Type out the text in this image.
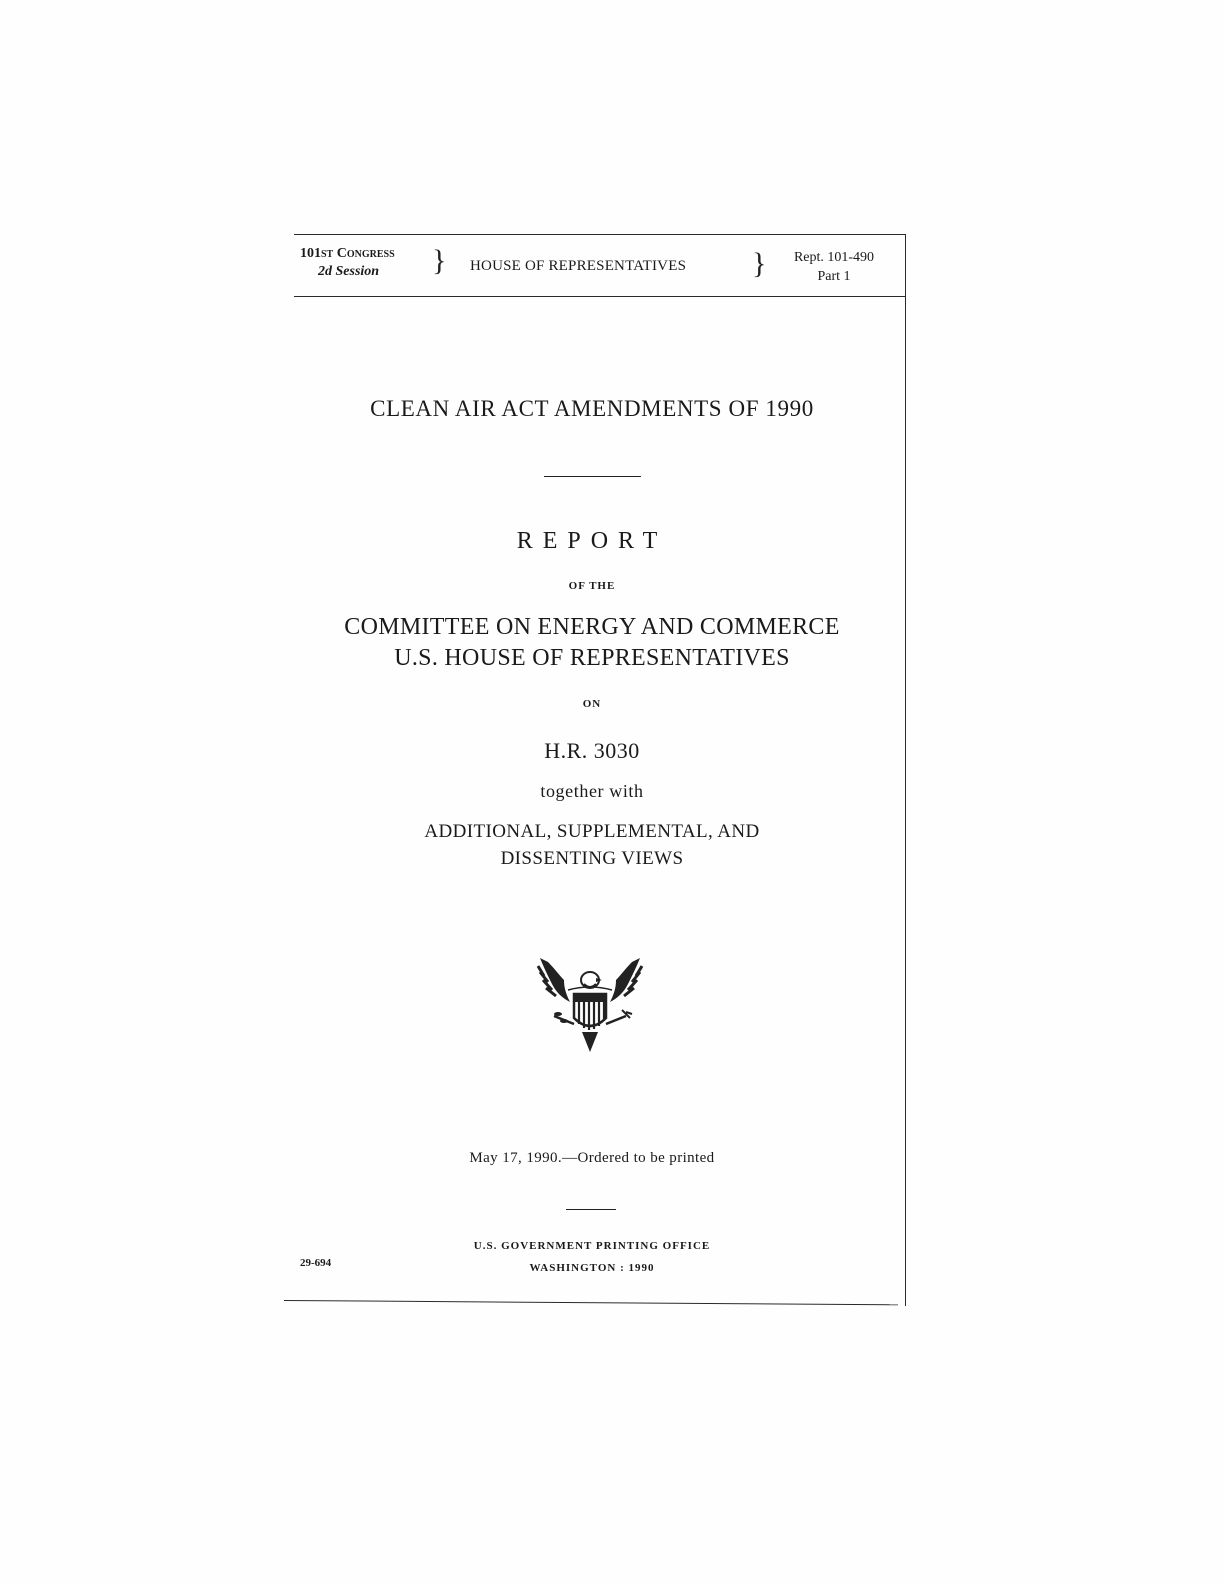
101st Congress
2d Session	} HOUSE OF REPRESENTATIVES }	Rept. 101-490
Part 1
CLEAN AIR ACT AMENDMENTS OF 1990
REPORT
OF THE
COMMITTEE ON ENERGY AND COMMERCE
U.S. HOUSE OF REPRESENTATIVES
ON
H.R. 3030
together with
ADDITIONAL, SUPPLEMENTAL, AND
DISSENTING VIEWS
May 17, 1990.—Ordered to be printed
U.S. GOVERNMENT PRINTING OFFICE
WASHINGTON : 1990
29-694
